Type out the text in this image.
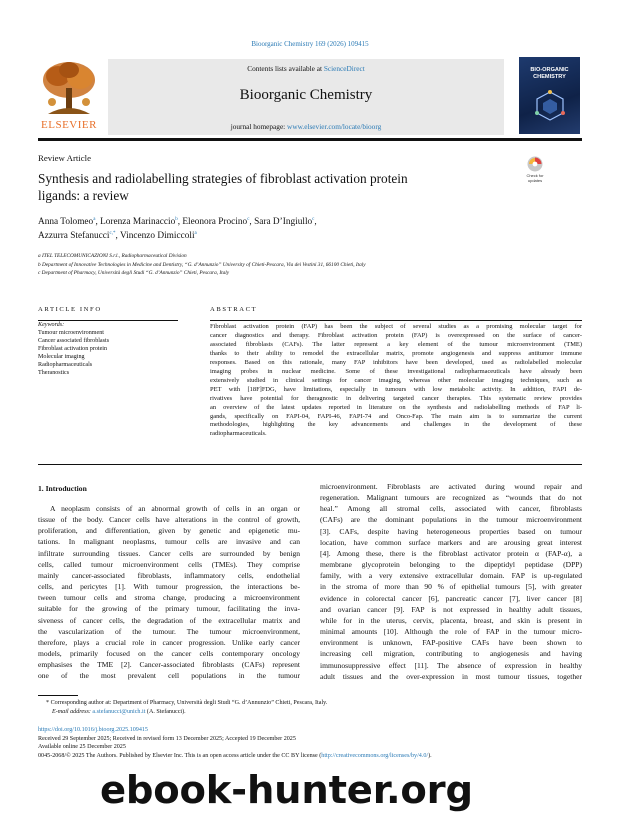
Bioorganic Chemistry 169 (2026) 109415
ELSEVIER
Contents lists available at ScienceDirect
Bioorganic Chemistry
journal homepage: www.elsevier.com/locate/bioorg
BIO-ORGANIC
CHEMISTRY
Review Article
Check for
updates
Synthesis and radiolabelling strategies of fibroblast activation protein
ligands: a review
Anna Tolomeo$^a$, Lorenza Marinaccio$^b$, Eleonora Procino$^c$, Sara D’Ingiullo$^c$,
Azzurra Stefanucci$^{c,*}$, Vincenzo Dimiccoli$^a$
a ITEL TELECOMUNICAZIONI S.r.l., Radiopharmaceutical Division
b Department of Innovative Technologies in Medicine and Dentistry, “G. d’Annunzio” University of Chieti-Pescara, Via dei Vestini 31, 66100 Chieti, Italy
c Department of Pharmacy, Università degli Studi “G. d’Annunzio” Chieti, Pescara, Italy
ARTICLE INFO
Keywords:
Tumour microenvironment
Cancer associated fibroblasts
Fibroblast activation protein
Molecular imaging
Radiopharmaceuticals
Theranostics
ABSTRACT
Fibroblast activation protein (FAP) has been the subject of several studies as a promising molecular target for
cancer diagnostics and therapy. Fibroblast activation protein (FAP) is overexpressed on the surface of cancer-
associated fibroblasts (CAFs). The latter represent a key element of the tumour microenvironment (TME)
thanks to their ability to remodel the extracellular matrix, promote angiogenesis and suppress antitumor immune
responses. Based on this rationale, many FAP inhibitors have been developed, used as radiolabelled molecular
imaging probes in nuclear medicine. Some of these investigational radiopharmaceuticals have already been
extensively studied in clinical settings for cancer imaging, whereas other molecular imaging techniques, such as
PET with [18F]FDG, have limitations, especially in tumours with low metabolic activity. In addition, FAPI de-
rivatives have potential for theragnostic in delivering targeted cancer therapies. This systematic review provides
an overview of the latest updates reported in literature on the synthesis and radiolabelling methods of FAP li-
gands, specifically on FAPI-04, FAPI-46, FAPI-74 and Onco-Fap. The main aim is to summarize the current
methodologies, highlighting the key advancements and challenges in the development of these
radiopharmaceuticals.
1. Introduction
A neoplasm consists of an abnormal growth of cells in an organ or
tissue of the body. Cancer cells have alterations in the control of growth,
proliferation, and differentiation, given by genetic and epigenetic mu-
tations. In malignant neoplasms, tumour cells are invasive and can
infiltrate surrounding tissues. Cancer cells are surrounded by benign
cells, called tumour microenvironment cells (TMEs). They comprise
mainly cancer-associated fibroblasts, inflammatory cells, endothelial
cells, and pericytes [1]. With tumour progression, the interactions be-
tween tumour cells and stroma change, producing a microenvironment
suitable for the growing of the primary tumour, facilitating the inva-
siveness of cancer cells, the degradation of the extracellular matrix and
the vascularization of the tumour. The tumour microenvironment,
therefore, plays a crucial role in cancer progression. Unlike early cancer
models, primarily focused on the cancer cells contemporary oncology
emphasises the TME [2]. Cancer-associated fibroblasts (CAFs) represent
one of the most prevalent cell populations in the tumour
microenvironment. Fibroblasts are activated during wound repair and
regeneration. Malignant tumours are recognized as “wounds that do not
heal.” Among all stromal cells, associated with cancer, fibroblasts
(CAFs) are the dominant populations in the tumour microenvironment
[3]. CAFs, despite having heterogeneous properties based on tumour
location, have common surface markers and are arousing great interest
[4]. Among these, there is the fibroblast activator protein α (FAP-α), a
membrane glycoprotein belonging to the dipeptidyl peptidase (DPP)
family, with a very extensive extracellular domain. FAP is up-regulated
in the stroma of more than 90 % of epithelial tumours [5], with greater
evidence in colorectal cancer [6], pancreatic cancer [7], liver cancer [8]
and ovarian cancer [9]. FAP is not expressed in healthy adult tissues,
while for in the uterus, cervix, placenta, breast, and skin is present in
minimal amounts [10]. Although the role of FAP in the tumour micro-
environment is unknown, FAP-positive CAFs have been shown to
increasing cell migration, contributing to angiogenesis and having
immunosuppressive effect [11]. The absence of expression in healthy
adult tissues and the over-expression in most tumour tissues, together
* Corresponding author at: Department of Pharmacy, Università degli Studi “G. d’Annunzio” Chieti, Pescara, Italy.
E-mail address: a.stefanucci@unich.it (A. Stefanucci).
https://doi.org/10.1016/j.bioorg.2025.109415
Received 29 September 2025; Received in revised form 13 December 2025; Accepted 19 December 2025
Available online 25 December 2025
0045-2068/© 2025 The Authors. Published by Elsevier Inc. This is an open access article under the CC BY license (http://creativecommons.org/licenses/by/4.0/).
ebook-hunter.org
